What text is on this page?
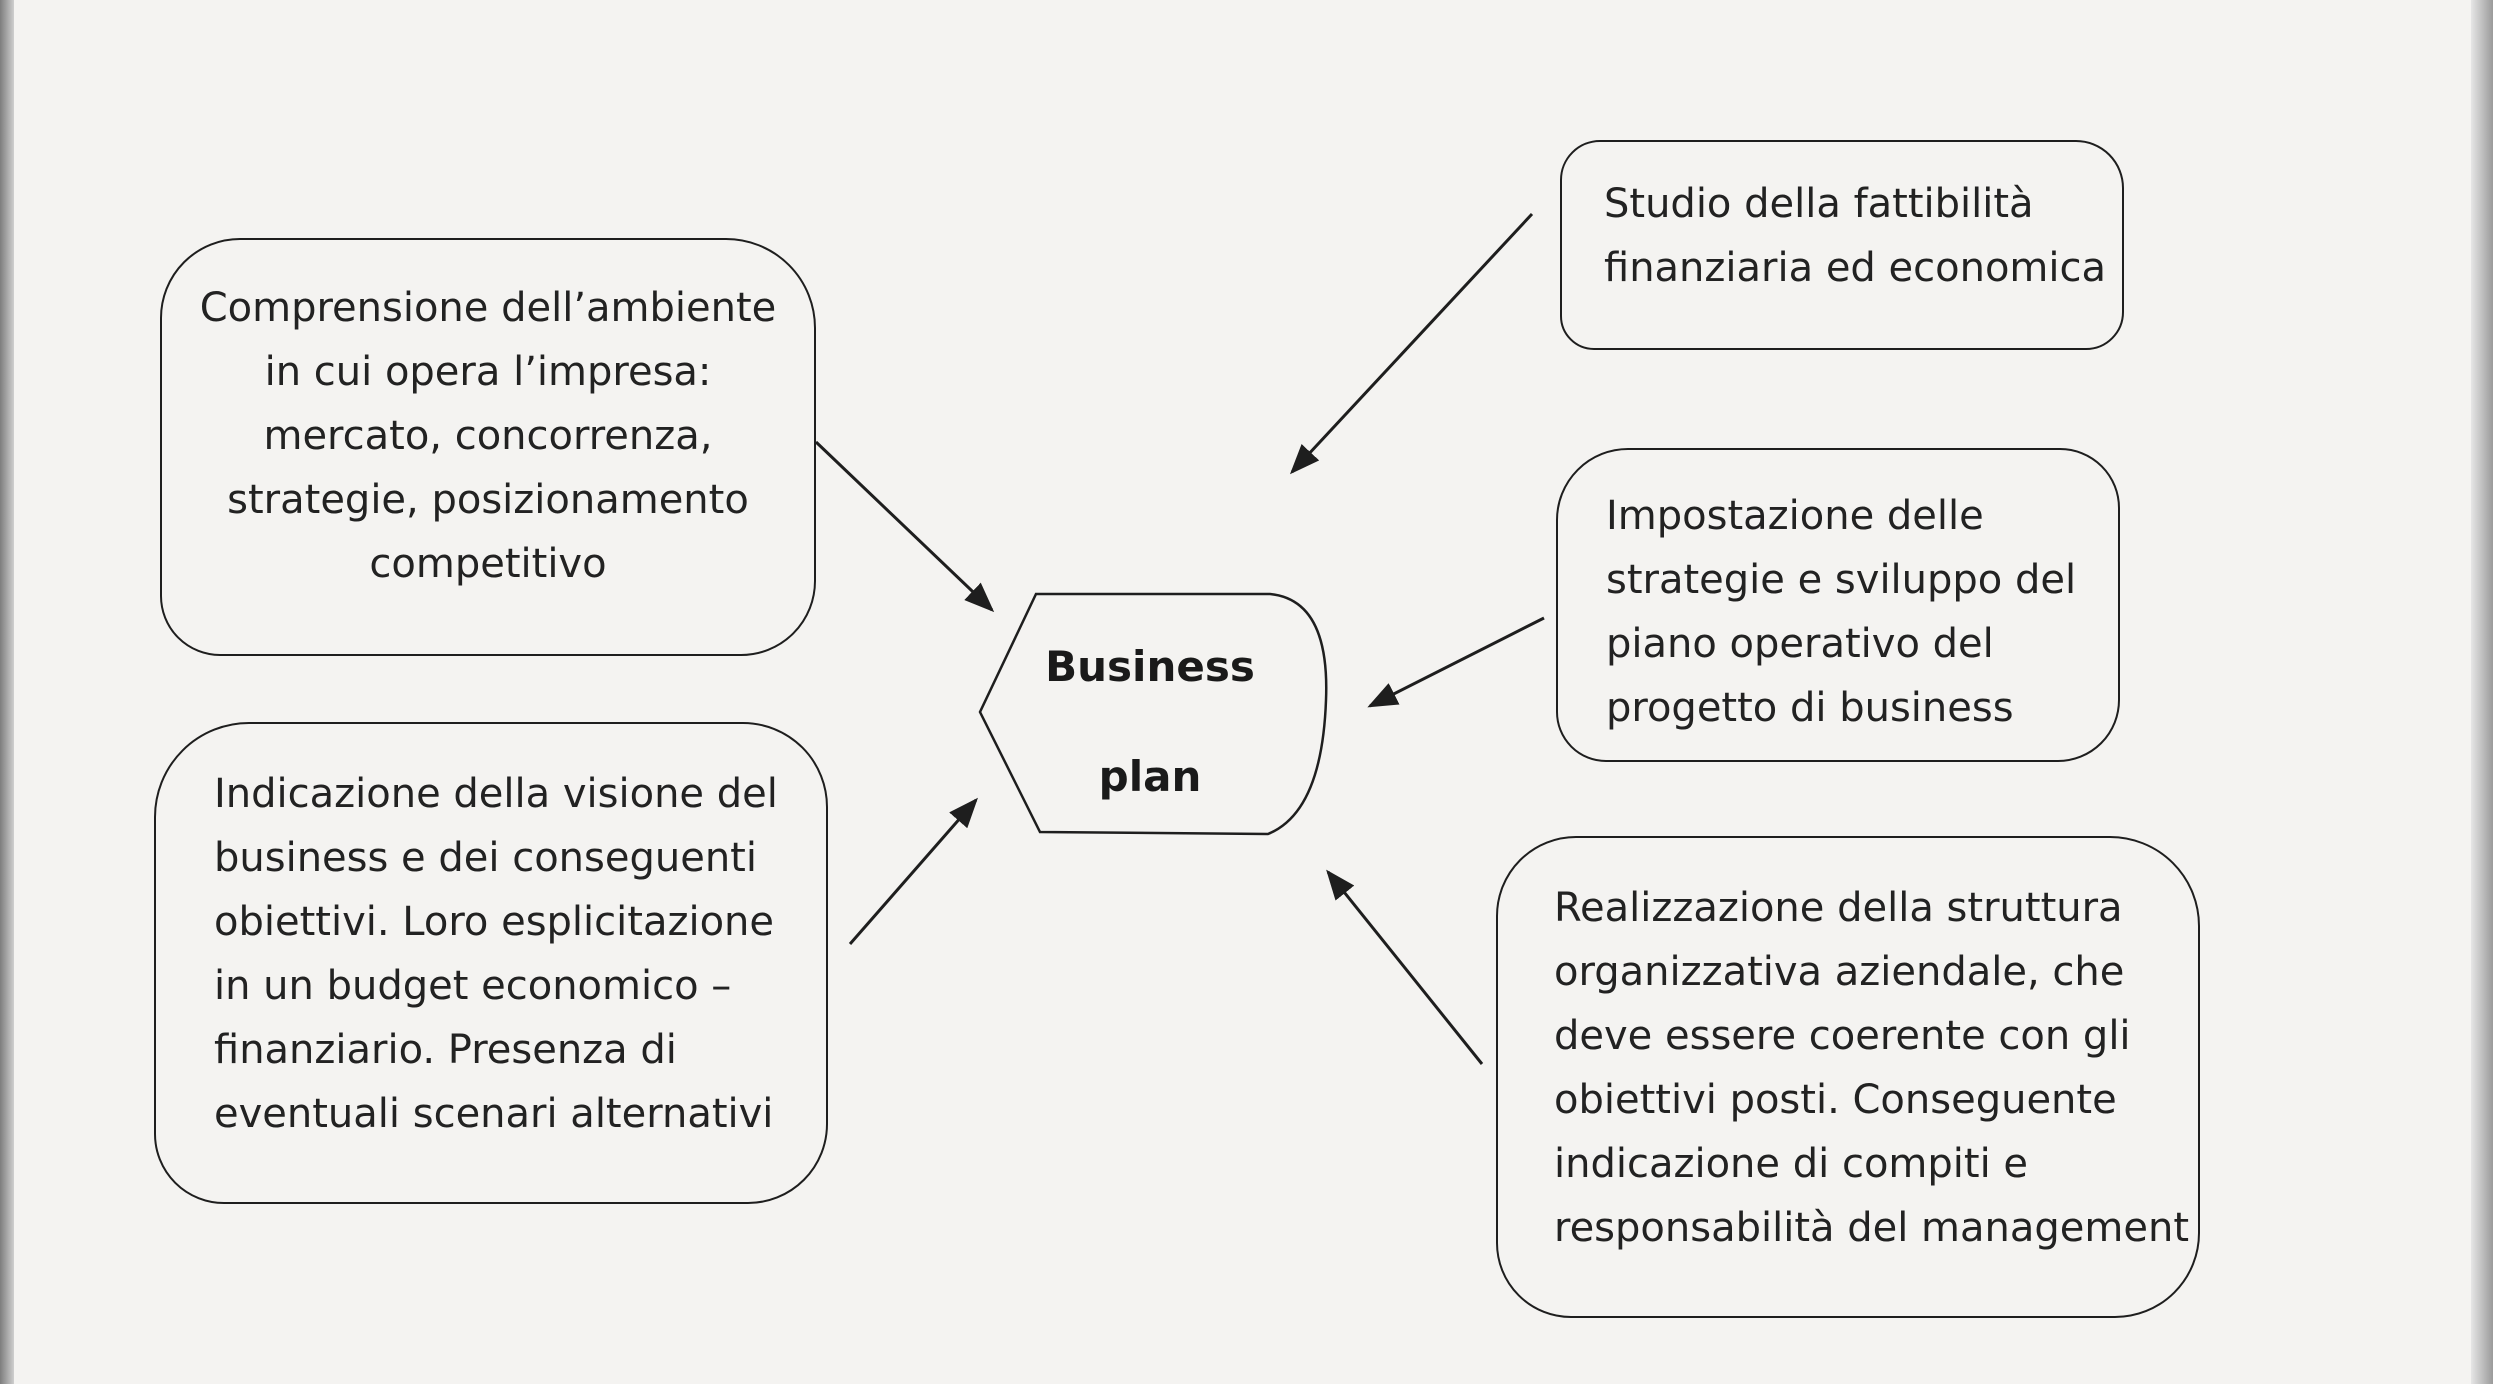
Business
plan
Comprensione dell’ambiente
in cui opera l’impresa:
mercato, concorrenza,
strategie, posizionamento
competitivo
Indicazione della visione del
business e dei conseguenti
obiettivi. Loro esplicitazione
in un budget economico –
finanziario. Presenza di
eventuali scenari alternativi
Studio della fattibilità
finanziaria ed economica
Impostazione delle
strategie e sviluppo del
piano operativo del
progetto di business
Realizzazione della struttura
organizzativa aziendale, che
deve essere coerente con gli
obiettivi posti. Conseguente
indicazione di compiti e
responsabilità del management
